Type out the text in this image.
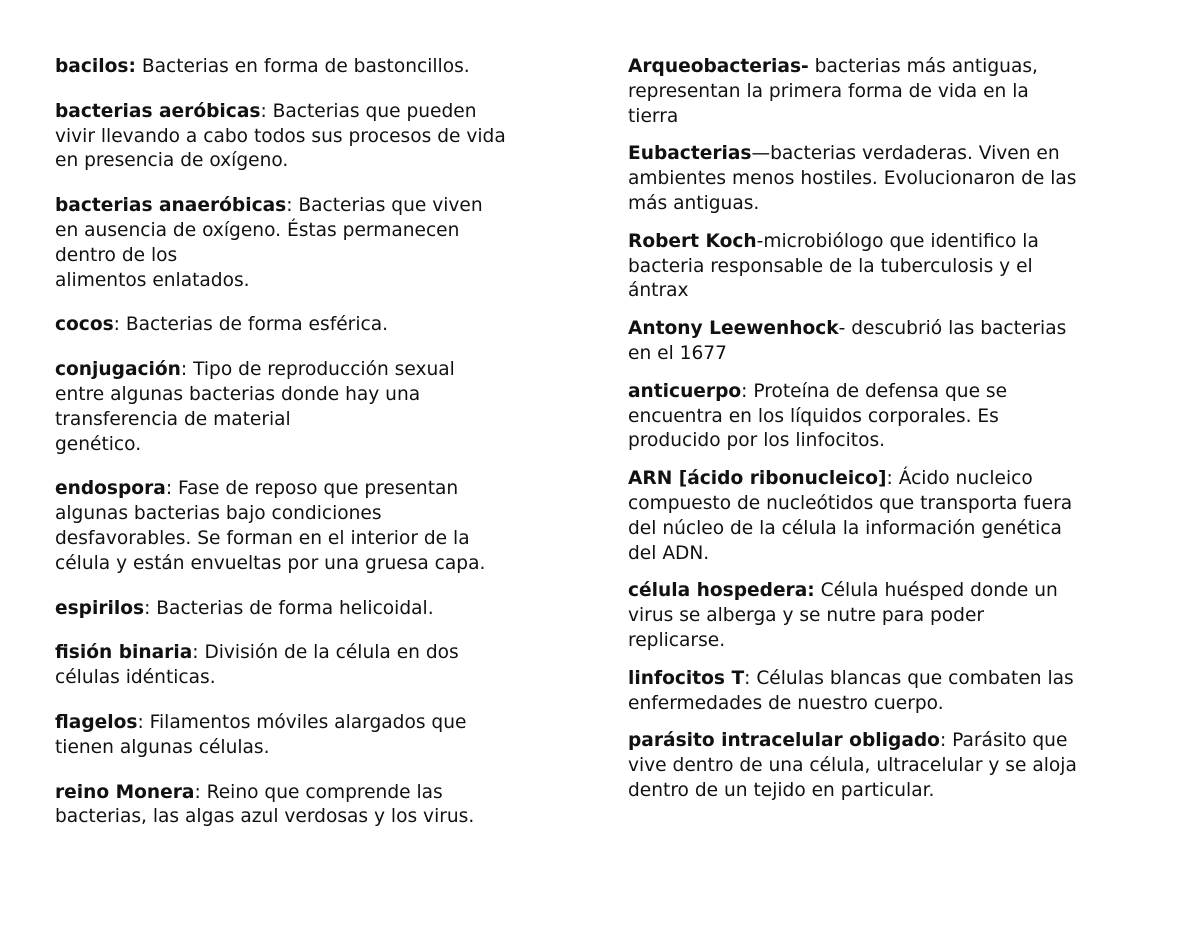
bacilos: Bacterias en forma de bastoncillos.

bacterias aeróbicas: Bacterias que pueden
vivir llevando a cabo todos sus procesos de vida
en presencia de oxígeno.

bacterias anaeróbicas: Bacterias que viven
en ausencia de oxígeno. Éstas permanecen
dentro de los
alimentos enlatados.

cocos: Bacterias de forma esférica.

conjugación: Tipo de reproducción sexual
entre algunas bacterias donde hay una
transferencia de material
genético.

endospora: Fase de reposo que presentan
algunas bacterias bajo condiciones
desfavorables. Se forman en el interior de la
célula y están envueltas por una gruesa capa.

espirilos: Bacterias de forma helicoidal.

fisión binaria: División de la célula en dos
células idénticas.

flagelos: Filamentos móviles alargados que
tienen algunas células.

reino Monera: Reino que comprende las
bacterias, las algas azul verdosas y los virus.

Arqueobacterias- bacterias más antiguas,
representan la primera forma de vida en la
tierra

Eubacterias—bacterias verdaderas. Viven en
ambientes menos hostiles. Evolucionaron de las
más antiguas.

Robert Koch-microbiólogo que identifico la
bacteria responsable de la tuberculosis y el
ántrax

Antony Leewenhock- descubrió las bacterias
en el 1677

anticuerpo: Proteína de defensa que se
encuentra en los líquidos corporales. Es
producido por los linfocitos.

ARN [ácido ribonucleico]: Ácido nucleico
compuesto de nucleótidos que transporta fuera
del núcleo de la célula la información genética
del ADN.

célula hospedera: Célula huésped donde un
virus se alberga y se nutre para poder
replicarse.

linfocitos T: Células blancas que combaten las
enfermedades de nuestro cuerpo.

parásito intracelular obligado: Parásito que
vive dentro de una célula, ultracelular y se aloja
dentro de un tejido en particular.
